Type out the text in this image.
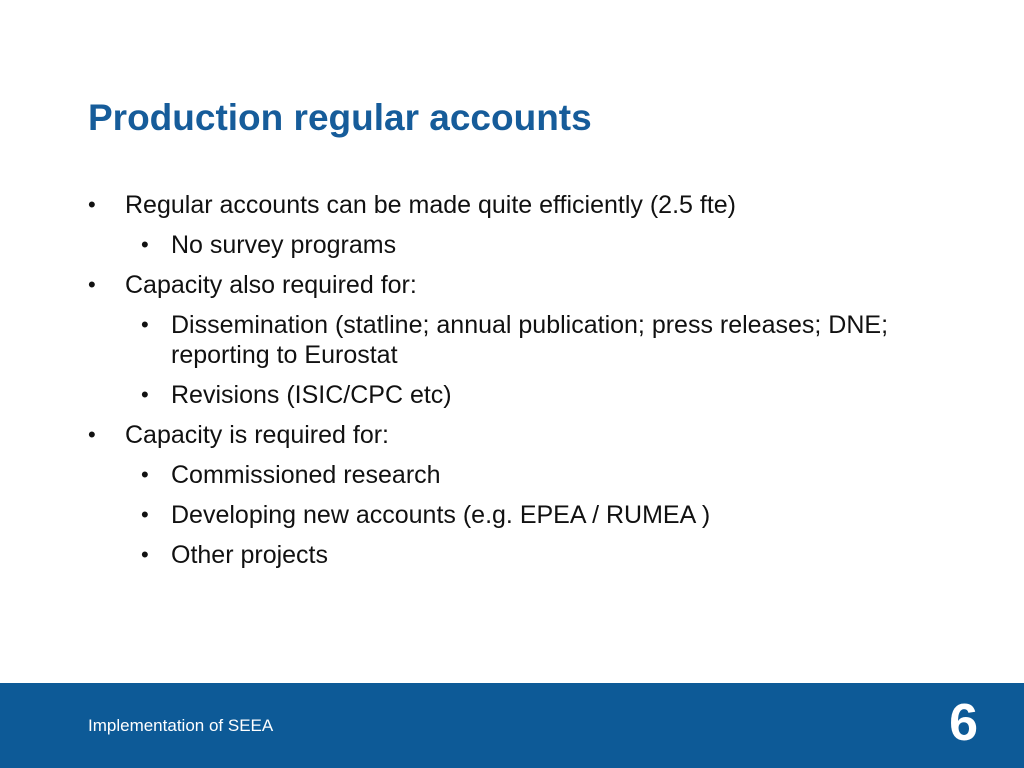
Production regular accounts
• Regular accounts can be made quite efficiently (2.5 fte)
• No survey programs
• Capacity also required for:
• Dissemination (statline; annual publication; press releases; DNE; reporting to Eurostat
• Revisions (ISIC/CPC etc)
• Capacity is required for:
• Commissioned research
• Developing new accounts (e.g. EPEA / RUMEA )
• Other projects
Implementation of SEEA	6
